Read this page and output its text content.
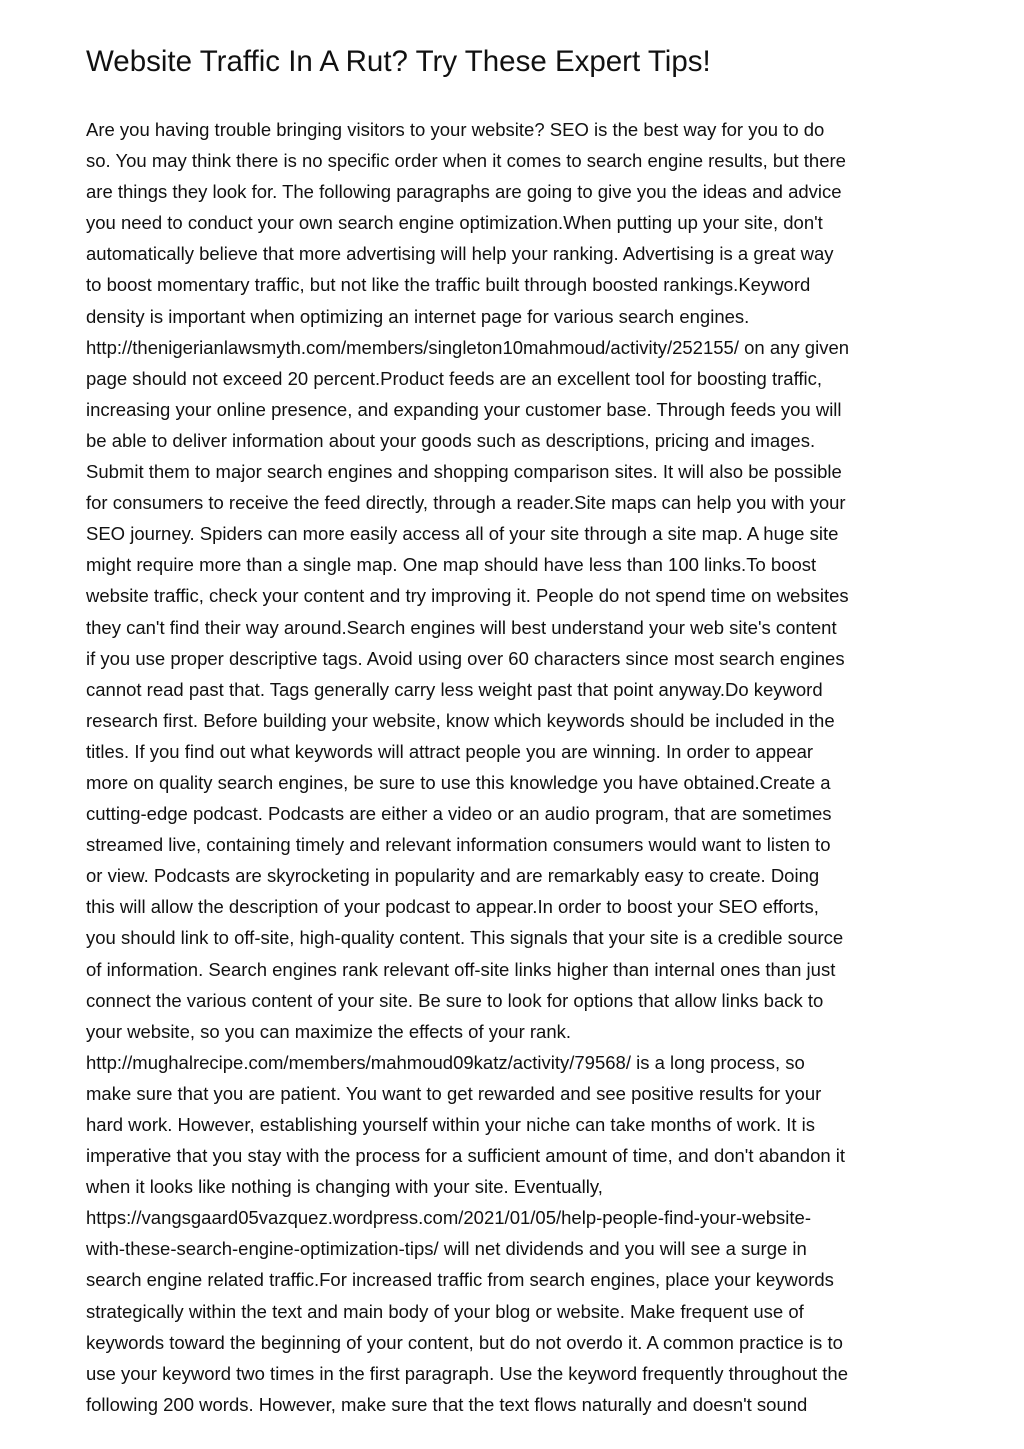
Website Traffic In A Rut? Try These Expert Tips!
Are you having trouble bringing visitors to your website? SEO is the best way for you to do
so. You may think there is no specific order when it comes to search engine results, but there
are things they look for. The following paragraphs are going to give you the ideas and advice
you need to conduct your own search engine optimization.When putting up your site, don't
automatically believe that more advertising will help your ranking. Advertising is a great way
to boost momentary traffic, but not like the traffic built through boosted rankings.Keyword
density is important when optimizing an internet page for various search engines.
http://thenigerianlawsmyth.com/members/singleton10mahmoud/activity/252155/ on any given
page should not exceed 20 percent.Product feeds are an excellent tool for boosting traffic,
increasing your online presence, and expanding your customer base. Through feeds you will
be able to deliver information about your goods such as descriptions, pricing and images.
Submit them to major search engines and shopping comparison sites. It will also be possible
for consumers to receive the feed directly, through a reader.Site maps can help you with your
SEO journey. Spiders can more easily access all of your site through a site map. A huge site
might require more than a single map. One map should have less than 100 links.To boost
website traffic, check your content and try improving it. People do not spend time on websites
they can't find their way around.Search engines will best understand your web site's content
if you use proper descriptive tags. Avoid using over 60 characters since most search engines
cannot read past that. Tags generally carry less weight past that point anyway.Do keyword
research first. Before building your website, know which keywords should be included in the
titles. If you find out what keywords will attract people you are winning. In order to appear
more on quality search engines, be sure to use this knowledge you have obtained.Create a
cutting-edge podcast. Podcasts are either a video or an audio program, that are sometimes
streamed live, containing timely and relevant information consumers would want to listen to
or view. Podcasts are skyrocketing in popularity and are remarkably easy to create. Doing
this will allow the description of your podcast to appear.In order to boost your SEO efforts,
you should link to off-site, high-quality content. This signals that your site is a credible source
of information. Search engines rank relevant off-site links higher than internal ones than just
connect the various content of your site. Be sure to look for options that allow links back to
your website, so you can maximize the effects of your rank.
http://mughalrecipe.com/members/mahmoud09katz/activity/79568/ is a long process, so
make sure that you are patient. You want to get rewarded and see positive results for your
hard work. However, establishing yourself within your niche can take months of work. It is
imperative that you stay with the process for a sufficient amount of time, and don't abandon it
when it looks like nothing is changing with your site. Eventually,
https://vangsgaard05vazquez.wordpress.com/2021/01/05/help-people-find-your-website-
with-these-search-engine-optimization-tips/ will net dividends and you will see a surge in
search engine related traffic.For increased traffic from search engines, place your keywords
strategically within the text and main body of your blog or website. Make frequent use of
keywords toward the beginning of your content, but do not overdo it. A common practice is to
use your keyword two times in the first paragraph. Use the keyword frequently throughout the
following 200 words. However, make sure that the text flows naturally and doesn't sound
